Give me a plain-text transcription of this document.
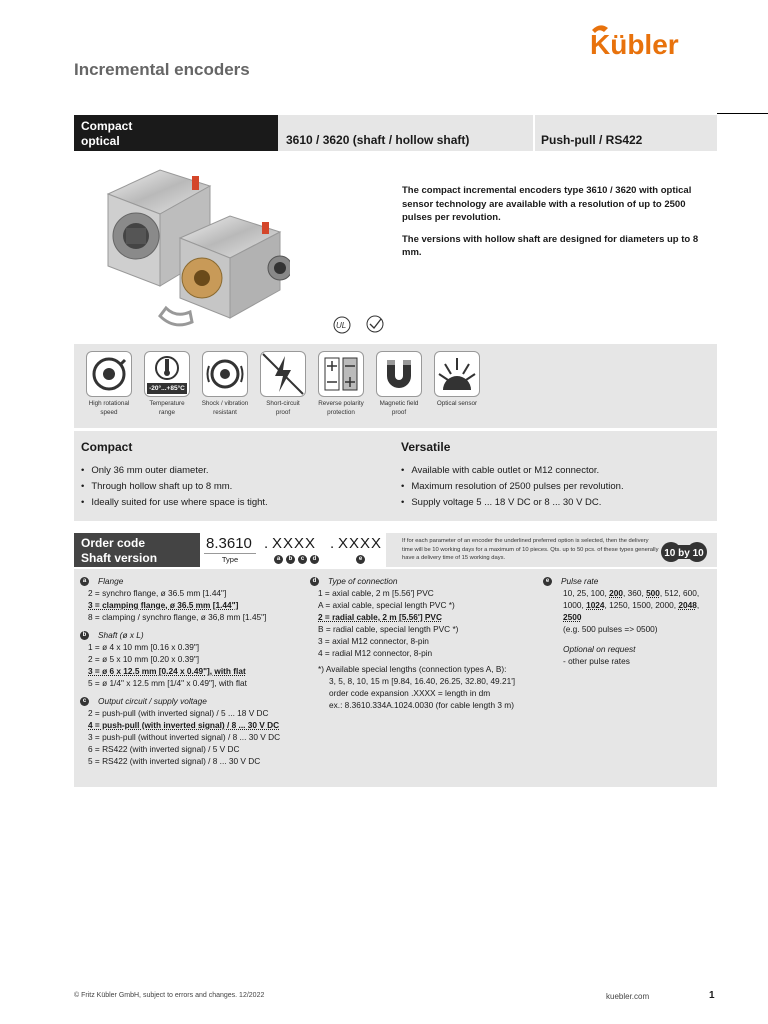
Kübler
Incremental encoders
Compact
optical	3610 / 3620 (shaft / hollow shaft)	Push-pull / RS422

The compact incremental encoders type 3610 / 3620 with optical sensor technology are available with a resolution of up to 2500 pulses per revolution.

The versions with hollow shaft are designed for diameters up to 8 mm.

UL
High rotational
speed
-20°...+85°C
Temperature
range
Shock / vibration
resistant
Short-circuit
proof
Reverse polarity
protection
Magnetic field
proof
Optical sensor
Compact
• Only 36 mm outer diameter.
• Through hollow shaft up to 8 mm.
• Ideally suited for use where space is tight.
Versatile
• Available with cable outlet or M12 connector.
• Maximum resolution of 2500 pulses per revolution.
• Supply voltage 5 ... 18 V DC or 8 ... 30 V DC.
Order code
Shaft version
8.3610
Type
. XXXX . XXXX
a	b	c	d	e
If for each parameter of an encoder the underlined preferred option is selected, then the delivery time will be 10 working days for a maximum of 10 pieces. Qts. up to 50 pcs. of these types generally have a delivery time of 15 working days.	10 by 10
a	Flange
2 = synchro flange, ø 36.5 mm [1.44"]
3 = clamping flange, ø 36.5 mm [1.44"]
8 = clamping / synchro flange, ø 36,8 mm [1.45"]
b	Shaft (ø x L)
1 = ø 4 x 10 mm [0.16 x 0.39"]
2 = ø 5 x 10 mm [0.20 x 0.39"]
3 = ø 6 x 12.5 mm [0.24 x 0.49"], with flat
5 = ø 1/4" x 12.5 mm [1/4" x 0.49"], with flat
c	Output circuit / supply voltage
2 = push-pull (with inverted signal) / 5 ... 18 V DC
4 = push-pull (with inverted signal) / 8 ... 30 V DC
3 = push-pull (without inverted signal) / 8 ... 30 V DC
6 = RS422 (with inverted signal) / 5 V DC
5 = RS422 (with inverted signal) / 8 ... 30 V DC
d	Type of connection
1 = axial cable, 2 m [5.56'] PVC
A = axial cable, special length PVC *)
2 = radial cable, 2 m [5.56'] PVC
B = radial cable, special length PVC *)
3 = axial M12 connector, 8-pin
4 = radial M12 connector, 8-pin
*) Available special lengths (connection types A, B):
3, 5, 8, 10, 15 m [9.84, 16.40, 26.25, 32.80, 49.21']
order code expansion .XXXX = length in dm
ex.: 8.3610.334A.1024.0030 (for cable length 3 m)
e	Pulse rate
10, 25, 100, 200, 360, 500, 512, 600,
1000, 1024, 1250, 1500, 2000, 2048,
2500
(e.g. 500 pulses => 0500)
Optional on request
- other pulse rates
© Fritz Kübler GmbH, subject to errors and changes. 12/2022	kuebler.com	1
